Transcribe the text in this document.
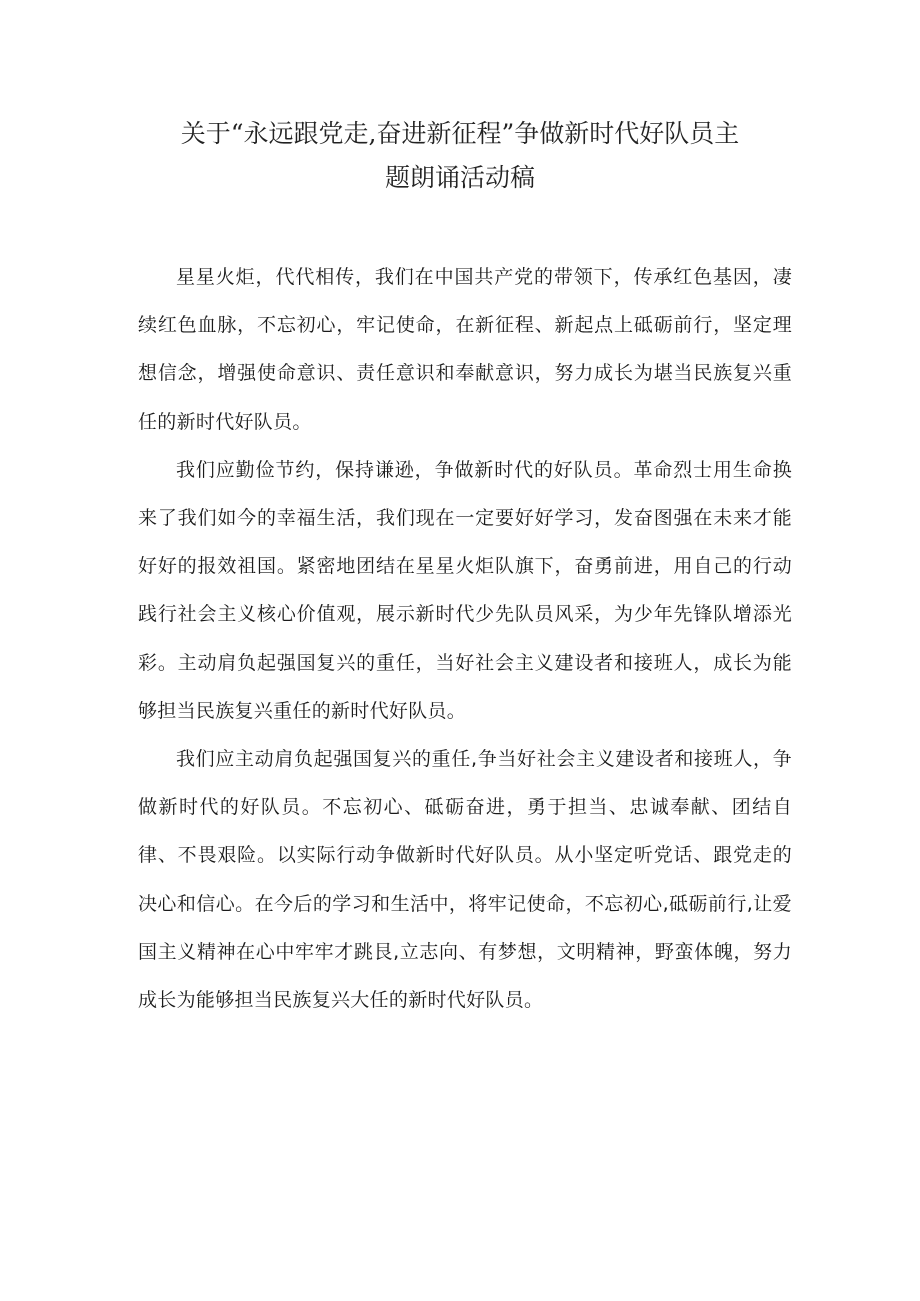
关于“永远跟党走,奋进新征程”争做新时代好队员主
题朗诵活动稿

星星火炬，代代相传，我们在中国共产党的带领下，传承红色基因，凄续红色血脉，不忘初心，牢记使命，在新征程、新起点上砥砺前行，坚定理想信念，增强使命意识、责任意识和奉献意识，努力成长为堪当民族复兴重任的新时代好队员。

我们应勤俭节约，保持谦逊，争做新时代的好队员。革命烈士用生命换来了我们如今的幸福生活，我们现在一定要好好学习，发奋图强在未来才能好好的报效祖国。紧密地团结在星星火炬队旗下，奋勇前进，用自己的行动践行社会主义核心价值观，展示新时代少先队员风采，为少年先锋队增添光彩。主动肩负起强国复兴的重任，当好社会主义建设者和接班人，成长为能够担当民族复兴重任的新时代好队员。

我们应主动肩负起强国复兴的重任,争当好社会主义建设者和接班人，争做新时代的好队员。不忘初心、砥砺奋进，勇于担当、忠诚奉献、团结自律、不畏艰险。以实际行动争做新时代好队员。从小坚定听党话、跟党走的决心和信心。在今后的学习和生活中，将牢记使命，不忘初心,砥砺前行,让爱国主义精神在心中牢牢才跳艮,立志向、有梦想，文明精神，野蛮体魄，努力成长为能够担当民族复兴大任的新时代好队员。
